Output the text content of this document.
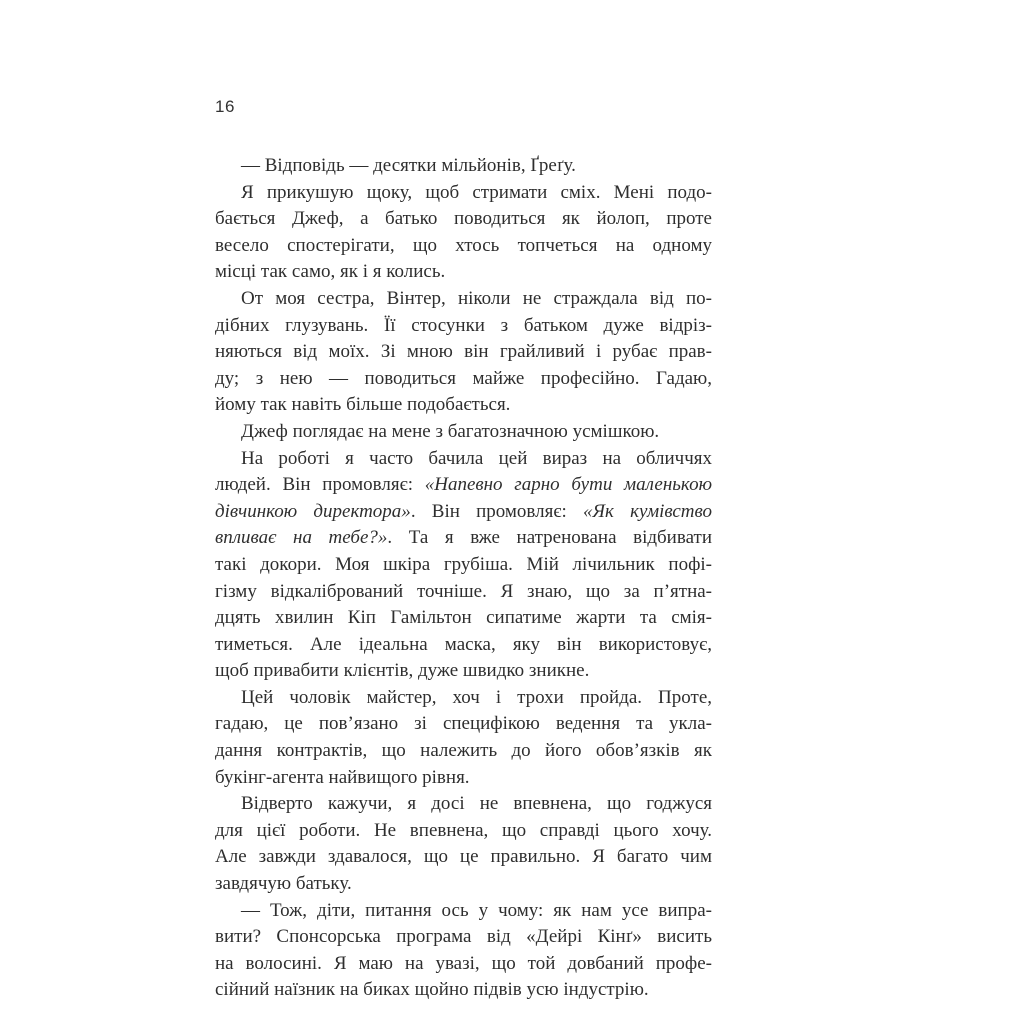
16
— Відповідь — десятки мільйонів, Ґреґу.
Я прикушую щоку, щоб стримати сміх. Мені подо-
бається Джеф, а батько поводиться як йолоп, проте
весело спостерігати, що хтось топчеться на одному
місці так само, як і я колись.
От моя сестра, Вінтер, ніколи не страждала від по-
дібних глузувань. Її стосунки з батьком дуже відріз-
няються від моїх. Зі мною він грайливий і рубає прав-
ду; з нею — поводиться майже професійно. Гадаю,
йому так навіть більше подобається.
Джеф поглядає на мене з багатозначною усмішкою.
На роботі я часто бачила цей вираз на обличчях
людей. Він промовляє: «Напевно гарно бути маленькою
дівчинкою директора». Він промовляє: «Як кумівство
впливає на тебе?». Та я вже натренована відбивати
такі докори. Моя шкіра грубіша. Мій лічильник пофі-
гізму відкалібрований точніше. Я знаю, що за п’ятна-
дцять хвилин Кіп Гамільтон сипатиме жарти та смія-
тиметься. Але ідеальна маска, яку він використовує,
щоб привабити клієнтів, дуже швидко зникне.
Цей чоловік майстер, хоч і трохи пройда. Проте,
гадаю, це пов’язано зі специфікою ведення та укла-
дання контрактів, що належить до його обов’язків як
букінг-агента найвищого рівня.
Відверто кажучи, я досі не впевнена, що годжуся
для цієї роботи. Не впевнена, що справді цього хочу.
Але завжди здавалося, що це правильно. Я багато чим
завдячую батьку.
— Тож, діти, питання ось у чому: як нам усе випра-
вити? Спонсорська програма від «Дейрі Кінґ» висить
на волосині. Я маю на увазі, що той довбаний профе-
сійний наїзник на биках щойно підвів усю індустрію.
